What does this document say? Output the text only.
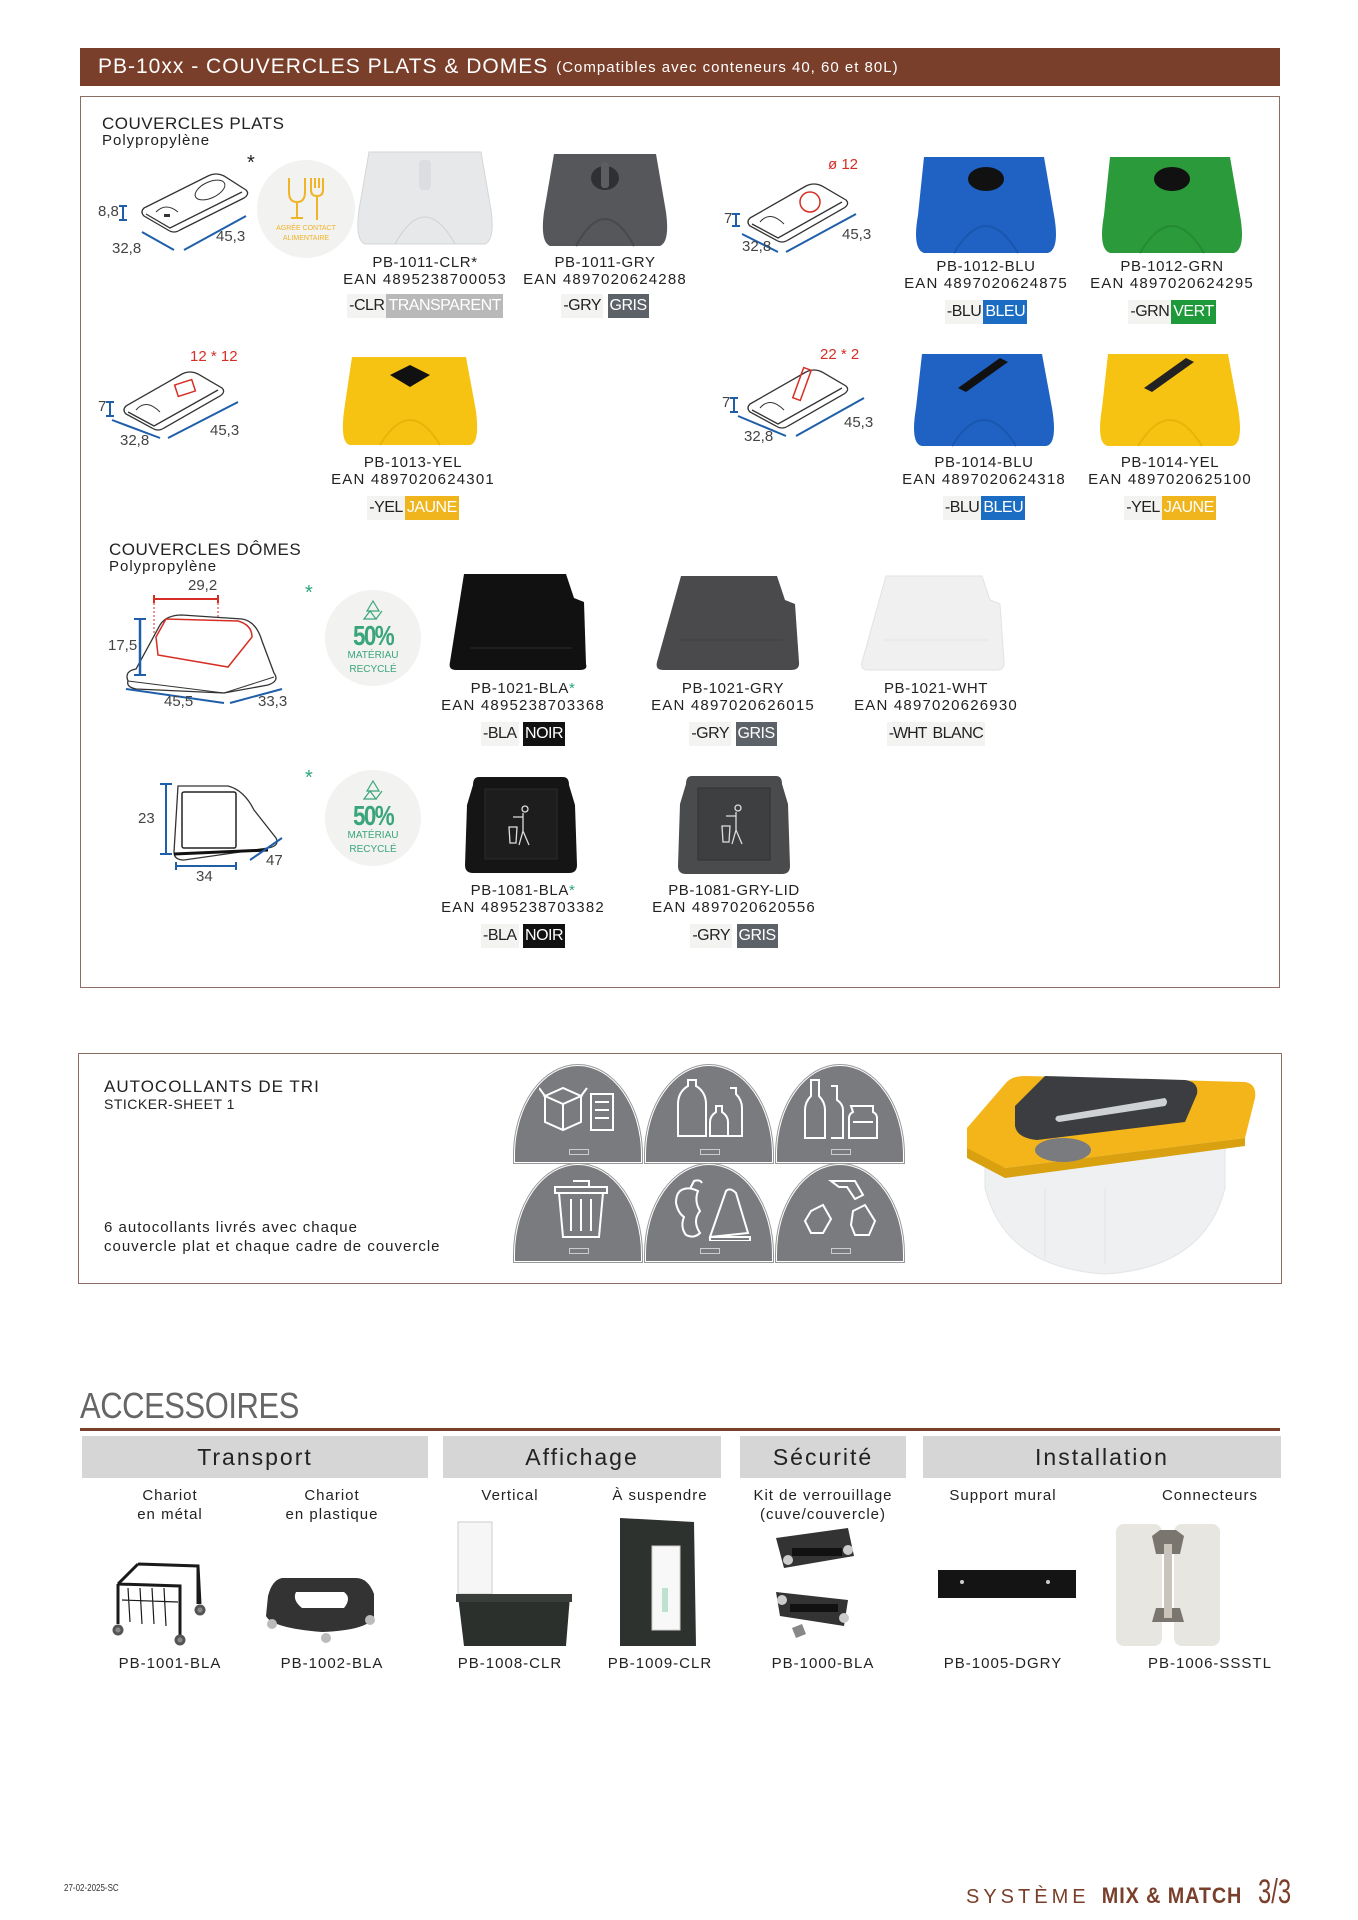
PB-10xx - COUVERCLES PLATS & DOMES (Compatibles avec conteneurs 40, 60 et 80L)
COUVERCLES PLATS
Polypropylène
8,8
32,8
45,3
*
AGRÉE CONTACT
ALIMENTAIRE
PB-1011-CLR*
EAN 4895238700053
-CLR TRANSPARENT
PB-1011-GRY
EAN 4897020624288
-GRY
GRIS
ø 12
7
32,8
45,3
PB-1012-BLU
EAN 4897020624875
-BLU BLEU
PB-1012-GRN
EAN 4897020624295
-GRN VERT
12 * 12
7
32,8
45,3
PB-1013-YEL
EAN 4897020624301
-YEL JAUNE
22 * 2
7
32,8
45,3
PB-1014-BLU
EAN 4897020624318
-BLU BLEU
PB-1014-YEL
EAN 4897020625100
-YEL JAUNE
COUVERCLES DÔMES
Polypropylène
29,2
17,5
45,5	33,3
*
50%
MATÉRIAU
RECYCLÉ
PB-1021-BLA*
EAN 4895238703368
-BLA
NOIR
PB-1021-GRY
EAN 4897020626015
-GRY
GRIS
PB-1021-WHT
EAN 4897020626930
-WHT BLANC
23
34
47
*
50%
MATÉRIAU
RECYCLÉ
PB-1081-BLA*
EAN 4895238703382
-BLA
NOIR
PB-1081-GRY-LID
EAN 4897020620556
-GRY
GRIS
AUTOCOLLANTS DE TRI
STICKER-SHEET 1
6 autocollants livrés avec chaque
couvercle plat et chaque cadre de couvercle
ACCESSOIRES
Transport	Affichage	Sécurité	Installation
Chariot
en métal
Chariot
en plastique
PB-1001-BLA	PB-1002-BLA
Vertical	À suspendre
PB-1008-CLR	PB-1009-CLR
Kit de verrouillage
(cuve/couvercle)
PB-1000-BLA
Support mural	Connecteurs
PB-1005-DGRY	PB-1006-SSSTL
27-02-2025-SC	SYSTÈME MIX & MATCH 3/3
